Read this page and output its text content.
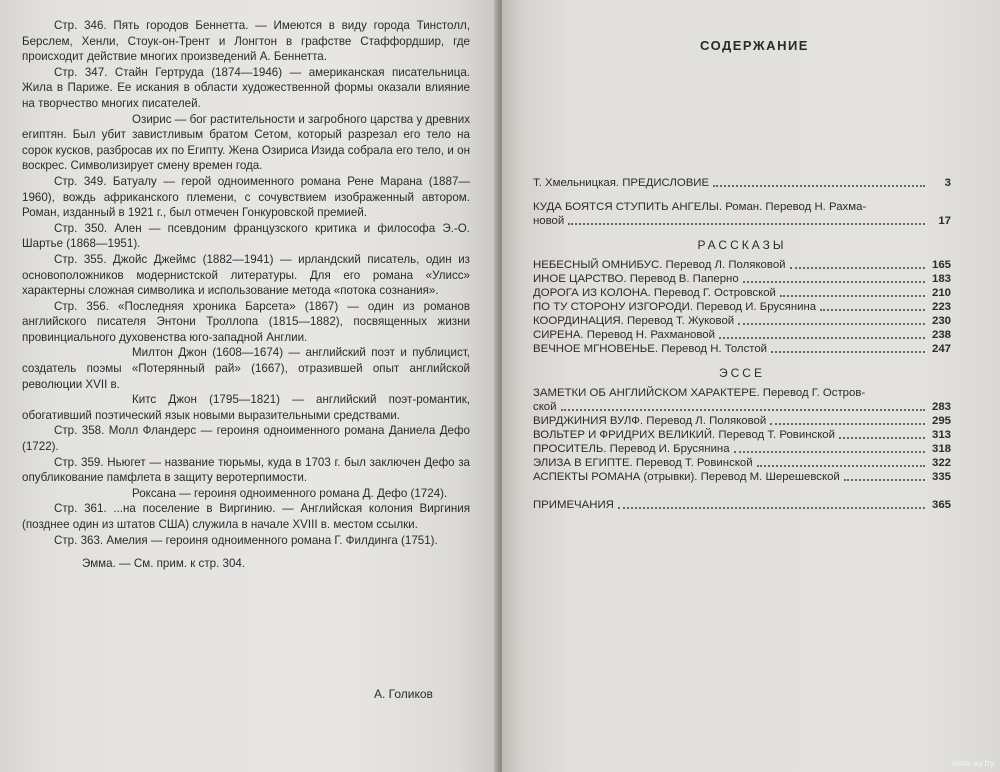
Стр. 346. Пять городов Беннетта. — Имеются в виду города Тинстолл, Берслем, Хенли, Стоук-он-Трент и Лонгтон в графстве Стаффордшир, где происходит действие многих произведений А. Беннетта.

Стр. 347. Стайн Гертруда (1874—1946) — американская писательница. Жила в Париже. Ее искания в области художественной формы оказали влияние на творчество многих писателей.

Озирис — бог растительности и загробного царства у древних египтян. Был убит завистливым братом Сетом, который разрезал его тело на сорок кусков, разбросав их по Египту. Жена Озириса Изида собрала его тело, и он воскрес. Символизирует смену времен года.

Стр. 349. Батуалу — герой одноименного романа Рене Марана (1887—1960), вождь африканского племени, с сочувствием изображенный автором. Роман, изданный в 1921 г., был отмечен Гонкуровской премией.

Стр. 350. Ален — псевдоним французского критика и философа Э.-О. Шартье (1868—1951).

Стр. 355. Джойс Джеймс (1882—1941) — ирландский писатель, один из основоположников модернистской литературы. Для его романа «Улисс» характерны сложная символика и использование метода «потока сознания».

Стр. 356. «Последняя хроника Барсета» (1867) — один из романов английского писателя Энтони Троллопа (1815—1882), посвященных жизни провинциального духовенства юго-западной Англии.

Милтон Джон (1608—1674) — английский поэт и публицист, создатель поэмы «Потерянный рай» (1667), отразившей опыт английской революции XVII в.

Китс Джон (1795—1821) — английский поэт-романтик, обогативший поэтический язык новыми выразительными средствами.

Стр. 358. Молл Фландерс — героиня одноименного романа Даниела Дефо (1722).

Стр. 359. Ньюгет — название тюрьмы, куда в 1703 г. был заключен Дефо за опубликование памфлета в защиту веротерпимости.

Роксана — героиня одноименного романа Д. Дефо (1724).

Стр. 361. ...на поселение в Виргинию. — Английская колония Виргиния (позднее один из штатов США) служила в начале XVIII в. местом ссылки.

Стр. 363. Амелия — героиня одноименного романа Г. Филдинга (1751).

Эмма. — См. прим. к стр. 304.

А. Голиков
СОДЕРЖАНИЕ
Т. Хмельницкая. ПРЕДИСЛОВИЕ	3
КУДА БОЯТСЯ СТУПИТЬ АНГЕЛЫ. Роман. Перевод Н. Рахма-
новой	17
РАССКАЗЫ
НЕБЕСНЫЙ ОМНИБУС. Перевод Л. Поляковой	165
ИНОЕ ЦАРСТВО. Перевод В. Паперно	183
ДОРОГА ИЗ КОЛОНА. Перевод Г. Островской	210
ПО ТУ СТОРОНУ ИЗГОРОДИ. Перевод И. Брусянина	223
КООРДИНАЦИЯ. Перевод Т. Жуковой	230
СИРЕНА. Перевод Н. Рахмановой	238
ВЕЧНОЕ МГНОВЕНЬЕ. Перевод Н. Толстой	247
ЭССЕ
ЗАМЕТКИ ОБ АНГЛИЙСКОМ ХАРАКТЕРЕ. Перевод Г. Остров-
ской	283
ВИРДЖИНИЯ ВУЛФ. Перевод Л. Поляковой	295
ВОЛЬТЕР И ФРИДРИХ ВЕЛИКИЙ. Перевод Т. Ровинской	313
ПРОСИТЕЛЬ. Перевод И. Брусянина	318
ЭЛИЗА В ЕГИПТЕ. Перевод Т. Ровинской	322
АСПЕКТЫ РОМАНА (отрывки). Перевод М. Шерешевской	335
ПРИМЕЧАНИЯ	365
www.ay.by
